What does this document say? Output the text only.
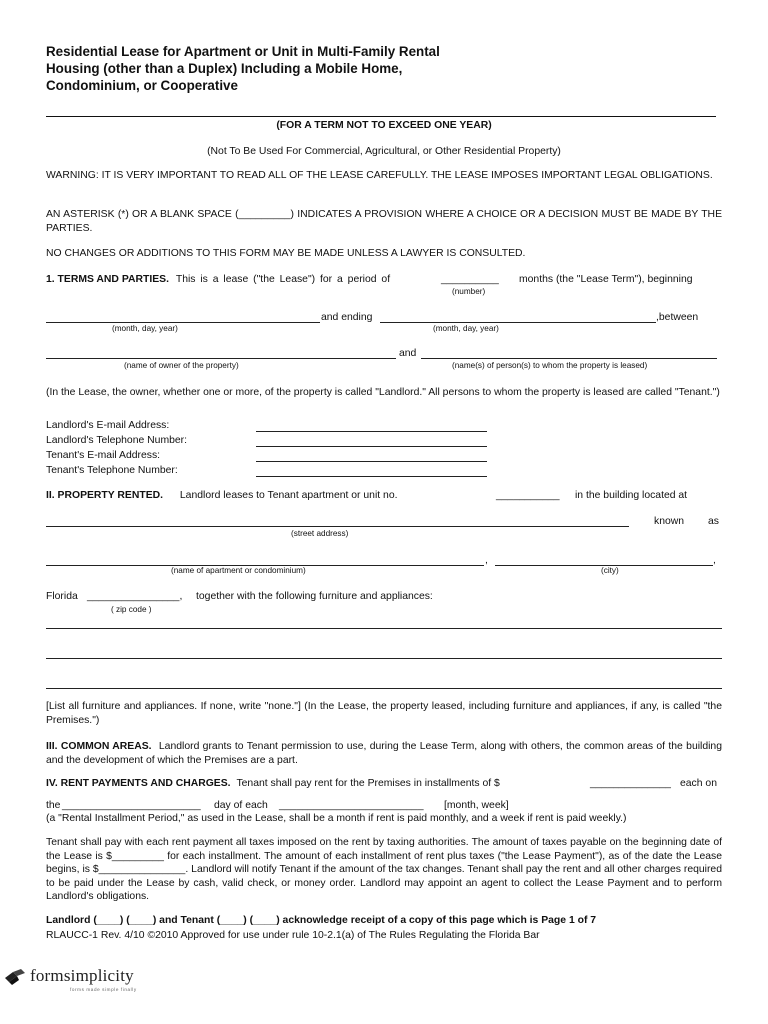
Residential Lease for Apartment or Unit in Multi-Family Rental
Housing (other than a Duplex) Including a Mobile Home,
Condominium, or Cooperative
(FOR A TERM NOT TO EXCEED ONE YEAR)
(Not To Be Used For Commercial, Agricultural, or Other Residential Property)
WARNING: IT IS VERY IMPORTANT TO READ ALL OF THE LEASE CAREFULLY. THE LEASE IMPOSES IMPORTANT LEGAL OBLIGATIONS.
AN ASTERISK (*) OR A BLANK SPACE (_________) INDICATES A PROVISION WHERE A CHOICE OR A DECISION MUST BE MADE BY THE PARTIES.
NO CHANGES OR ADDITIONS TO THIS FORM MAY BE MADE UNLESS A LAWYER IS CONSULTED.
1. TERMS AND PARTIES. This is a lease ("the Lease") for a period of	__________ months (the "Lease Term"), beginning
(number)
and ending	,between
(month, day, year)	(month, day, year)
and
(name of owner of the property)	(name(s) of person(s) to whom the property is leased)
(In the Lease, the owner, whether one or more, of the property is called "Landlord." All persons to whom the property is leased are called "Tenant.")
Landlord's E-mail Address:
Landlord's Telephone Number:
Tenant's E-mail Address:
Tenant's Telephone Number:
II. PROPERTY RENTED. Landlord leases to Tenant apartment or unit no.	___________ in the building located at
known as
(street address)
,	,
(name of apartment or condominium)	(city)
Florida ________________, together with the following furniture and appliances:
( zip code )
[List all furniture and appliances. If none, write "none."] (In the Lease, the property leased, including furniture and appliances, if any, is called "the Premises.")
III. COMMON AREAS. Landlord grants to Tenant permission to use, during the Lease Term, along with others, the common areas of the building and the development of which the Premises are a part.
IV. RENT PAYMENTS AND CHARGES. Tenant shall pay rent for the Premises in installments of $	______________ each on
the ________________________ day of each _________________________ [month, week]
(a "Rental Installment Period," as used in the Lease, shall be a month if rent is paid monthly, and a week if rent is paid weekly.)
Tenant shall pay with each rent payment all taxes imposed on the rent by taxing authorities. The amount of taxes payable on the beginning date of the Lease is $_________ for each installment. The amount of each installment of rent plus taxes ("the Lease Payment"), as of the date the Lease begins, is $_______________. Landlord will notify Tenant if the amount of the tax changes. Tenant shall pay the rent and all other charges required to be paid under the Lease by cash, valid check, or money order. Landlord may appoint an agent to collect the Lease Payment and to perform Landlord's obligations.
Landlord (____) (____) and Tenant (____) (____) acknowledge receipt of a copy of this page which is Page 1 of 7
RLAUCC-1 Rev. 4/10 ©2010 Approved for use under rule 10-2.1(a) of The Rules Regulating the Florida Bar
formsimplicity
forms made simple finally
